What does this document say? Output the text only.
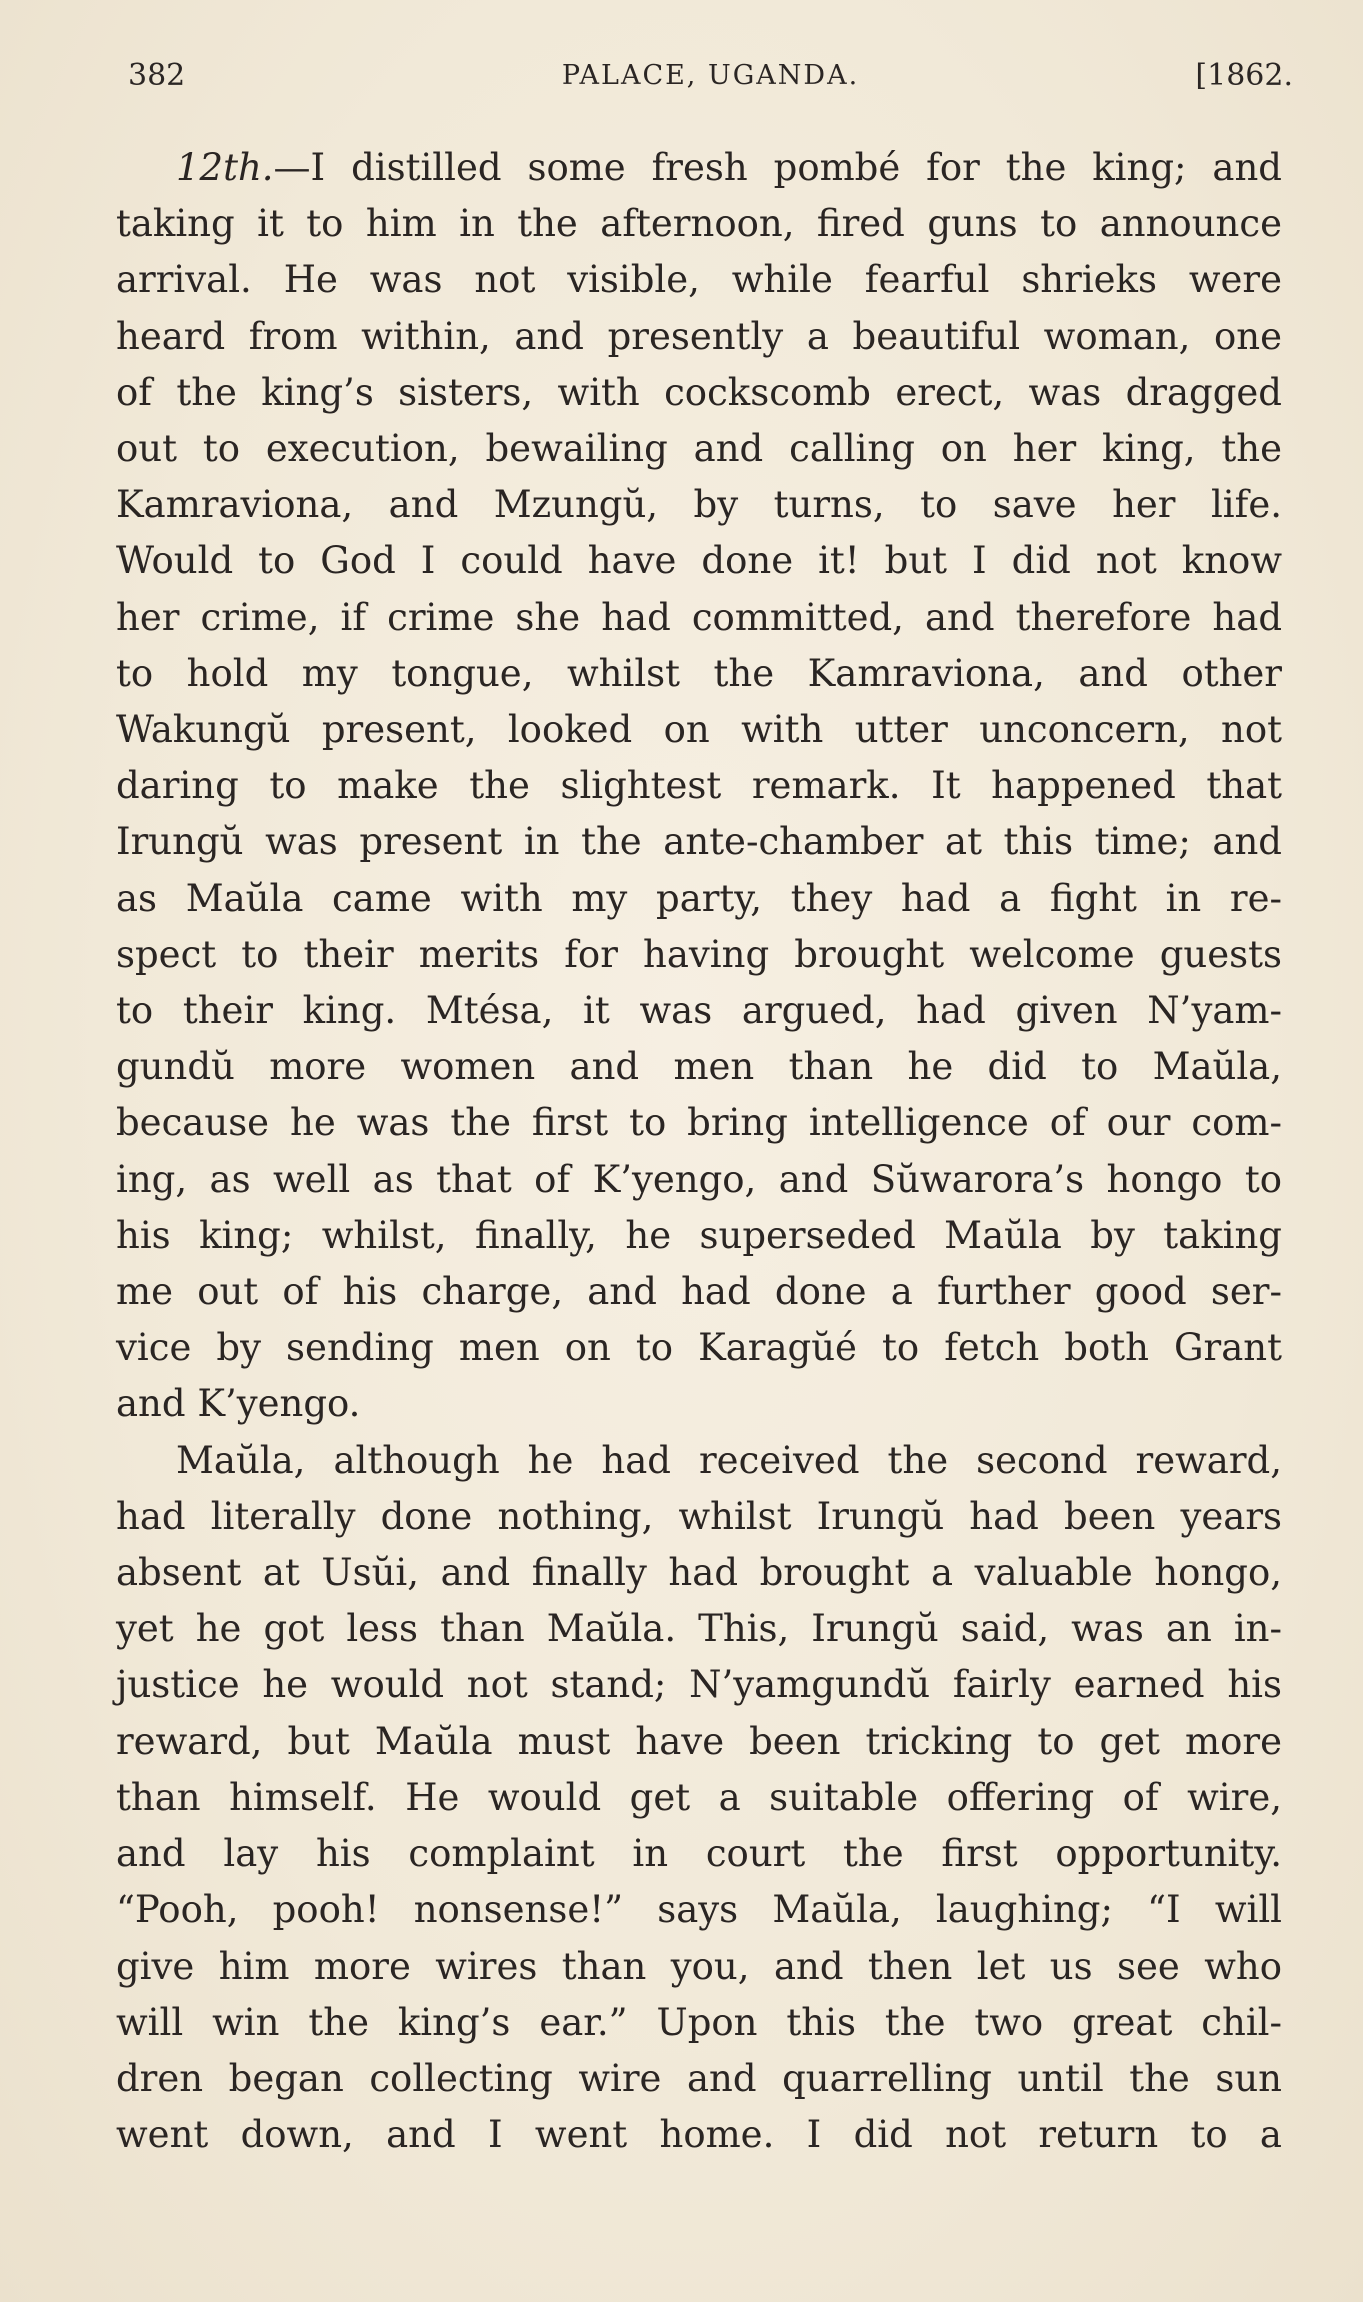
382	PALACE, UGANDA.	[1862.

12th.—I distilled some fresh pombé for the king; and
taking it to him in the afternoon, fired guns to announce
arrival. He was not visible, while fearful shrieks were
heard from within, and presently a beautiful woman, one
of the king’s sisters, with cockscomb erect, was dragged
out to execution, bewailing and calling on her king, the
Kamraviona, and Mzungŭ, by turns, to save her life.
Would to God I could have done it! but I did not know
her crime, if crime she had committed, and therefore had
to hold my tongue, whilst the Kamraviona, and other
Wakungŭ present, looked on with utter unconcern, not
daring to make the slightest remark. It happened that
Irungŭ was present in the ante-chamber at this time; and
as Maŭla came with my party, they had a fight in re-
spect to their merits for having brought welcome guests
to their king. Mtésa, it was argued, had given N’yam-
gundŭ more women and men than he did to Maŭla,
because he was the first to bring intelligence of our com-
ing, as well as that of K’yengo, and Sŭwarora’s hongo to
his king; whilst, finally, he superseded Maŭla by taking
me out of his charge, and had done a further good ser-
vice by sending men on to Karagŭé to fetch both Grant
and K’yengo.

Maŭla, although he had received the second reward,
had literally done nothing, whilst Irungŭ had been years
absent at Usŭi, and finally had brought a valuable hongo,
yet he got less than Maŭla. This, Irungŭ said, was an in-
justice he would not stand; N’yamgundŭ fairly earned his
reward, but Maŭla must have been tricking to get more
than himself. He would get a suitable offering of wire,
and lay his complaint in court the first opportunity.
“Pooh, pooh! nonsense!” says Maŭla, laughing; “I will
give him more wires than you, and then let us see who
will win the king’s ear.” Upon this the two great chil-
dren began collecting wire and quarrelling until the sun
went down, and I went home. I did not return to a
